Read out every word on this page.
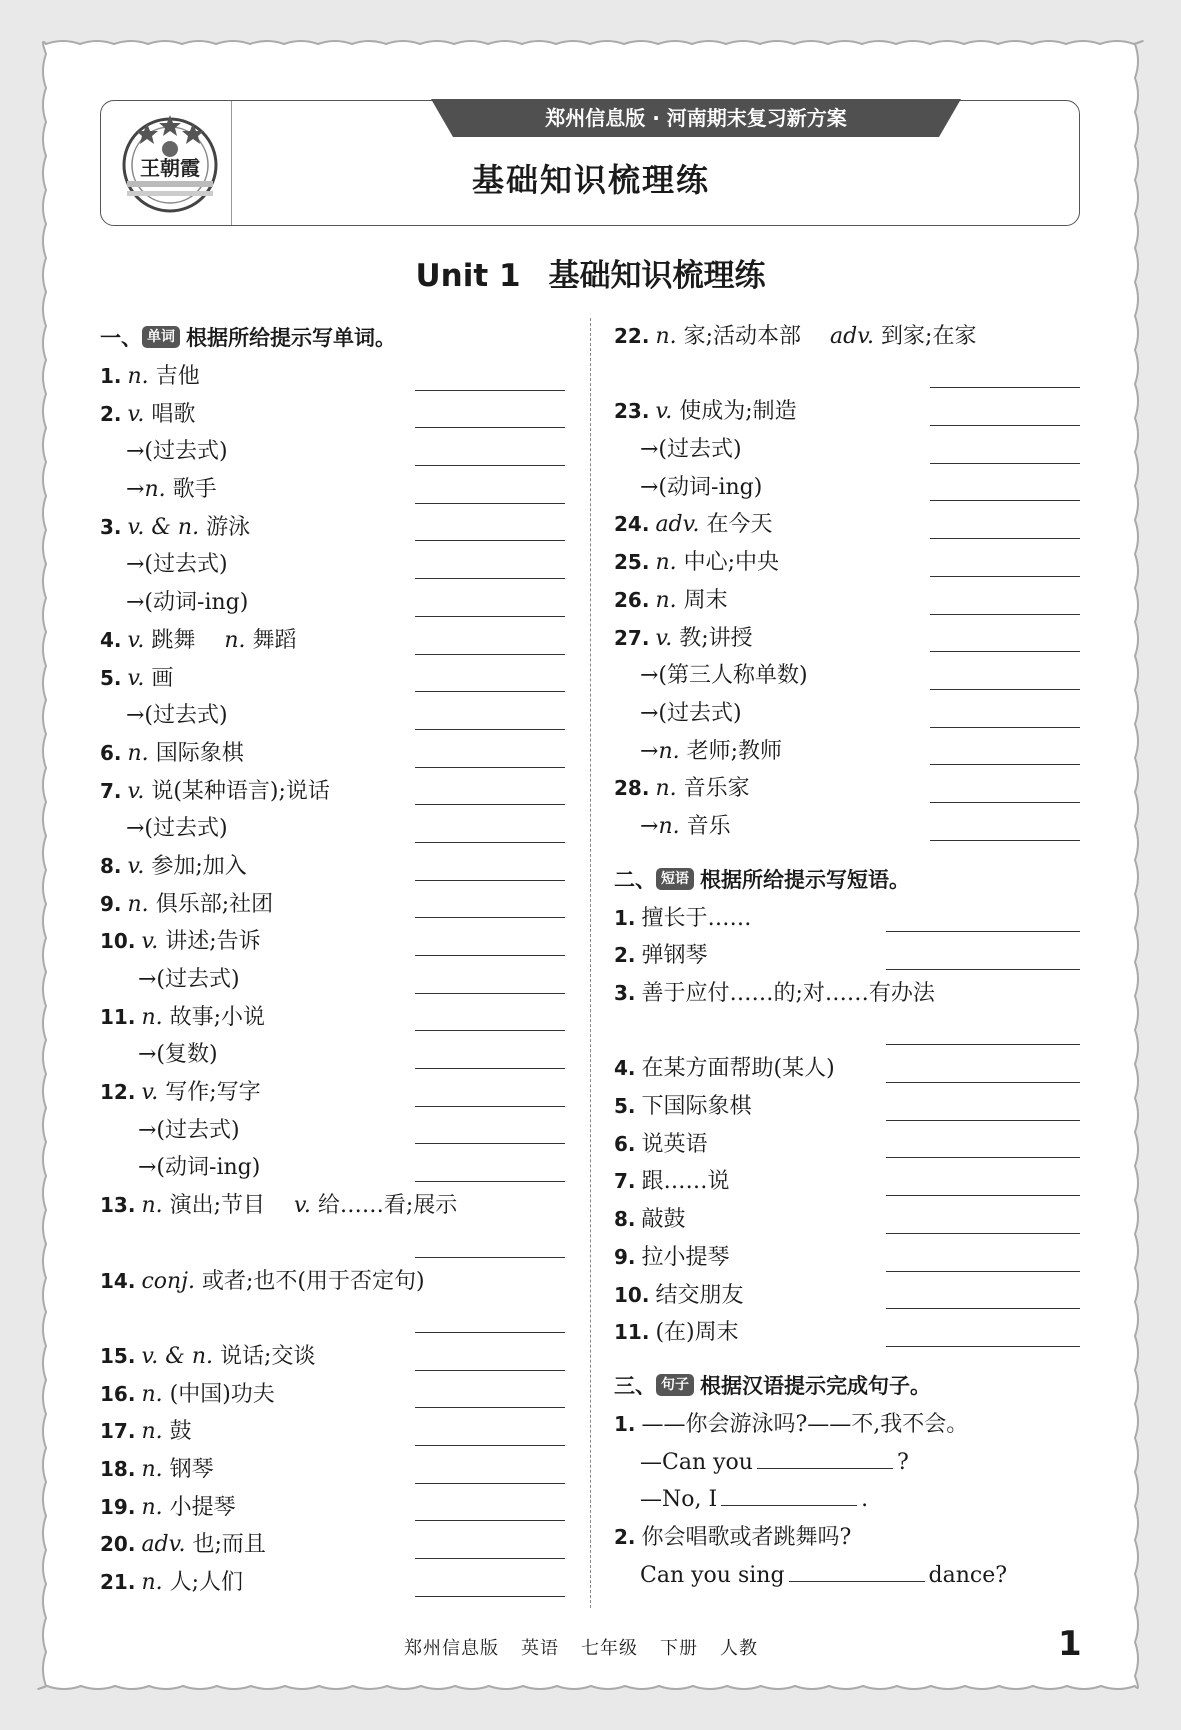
王朝霞
郑州信息版 · 河南期末复习新方案
基础知识梳理练
Unit 1 基础知识梳理练
一、 单词 根据所给提示写单词。
1. n. 吉他
2. v. 唱歌
→(过去式)
→n. 歌手
3. v. & n. 游泳
→(过去式)
→(动词-ing)
4. v. 跳舞  n. 舞蹈
5. v. 画
→(过去式)
6. n. 国际象棋
7. v. 说(某种语言);说话
→(过去式)
8. v. 参加;加入
9. n. 俱乐部;社团
10. v. 讲述;告诉
→(过去式)
11. n. 故事;小说
→(复数)
12. v. 写作;写字
→(过去式)
→(动词-ing)
13. n. 演出;节目  v. 给……看;展示
14. conj. 或者;也不(用于否定句)
15. v. & n. 说话;交谈
16. n. (中国)功夫
17. n. 鼓
18. n. 钢琴
19. n. 小提琴
20. adv. 也;而且
21. n. 人;人们
22. n. 家;活动本部  adv. 到家;在家
23. v. 使成为;制造
→(过去式)
→(动词-ing)
24. adv. 在今天
25. n. 中心;中央
26. n. 周末
27. v. 教;讲授
→(第三人称单数)
→(过去式)
→n. 老师;教师
28. n. 音乐家
→n. 音乐
二、 短语 根据所给提示写短语。
1. 擅长于……
2. 弹钢琴
3. 善于应付……的;对……有办法
4. 在某方面帮助(某人)
5. 下国际象棋
6. 说英语
7. 跟……说
8. 敲鼓
9. 拉小提琴
10. 结交朋友
11. (在)周末
三、 句子 根据汉语提示完成句子。
1. ——你会游泳吗?——不,我不会。
—Can you	?
—No, I	.
2. 你会唱歌或者跳舞吗?
Can you sing	dance?
郑州信息版 英语 七年级 下册 人教	1
